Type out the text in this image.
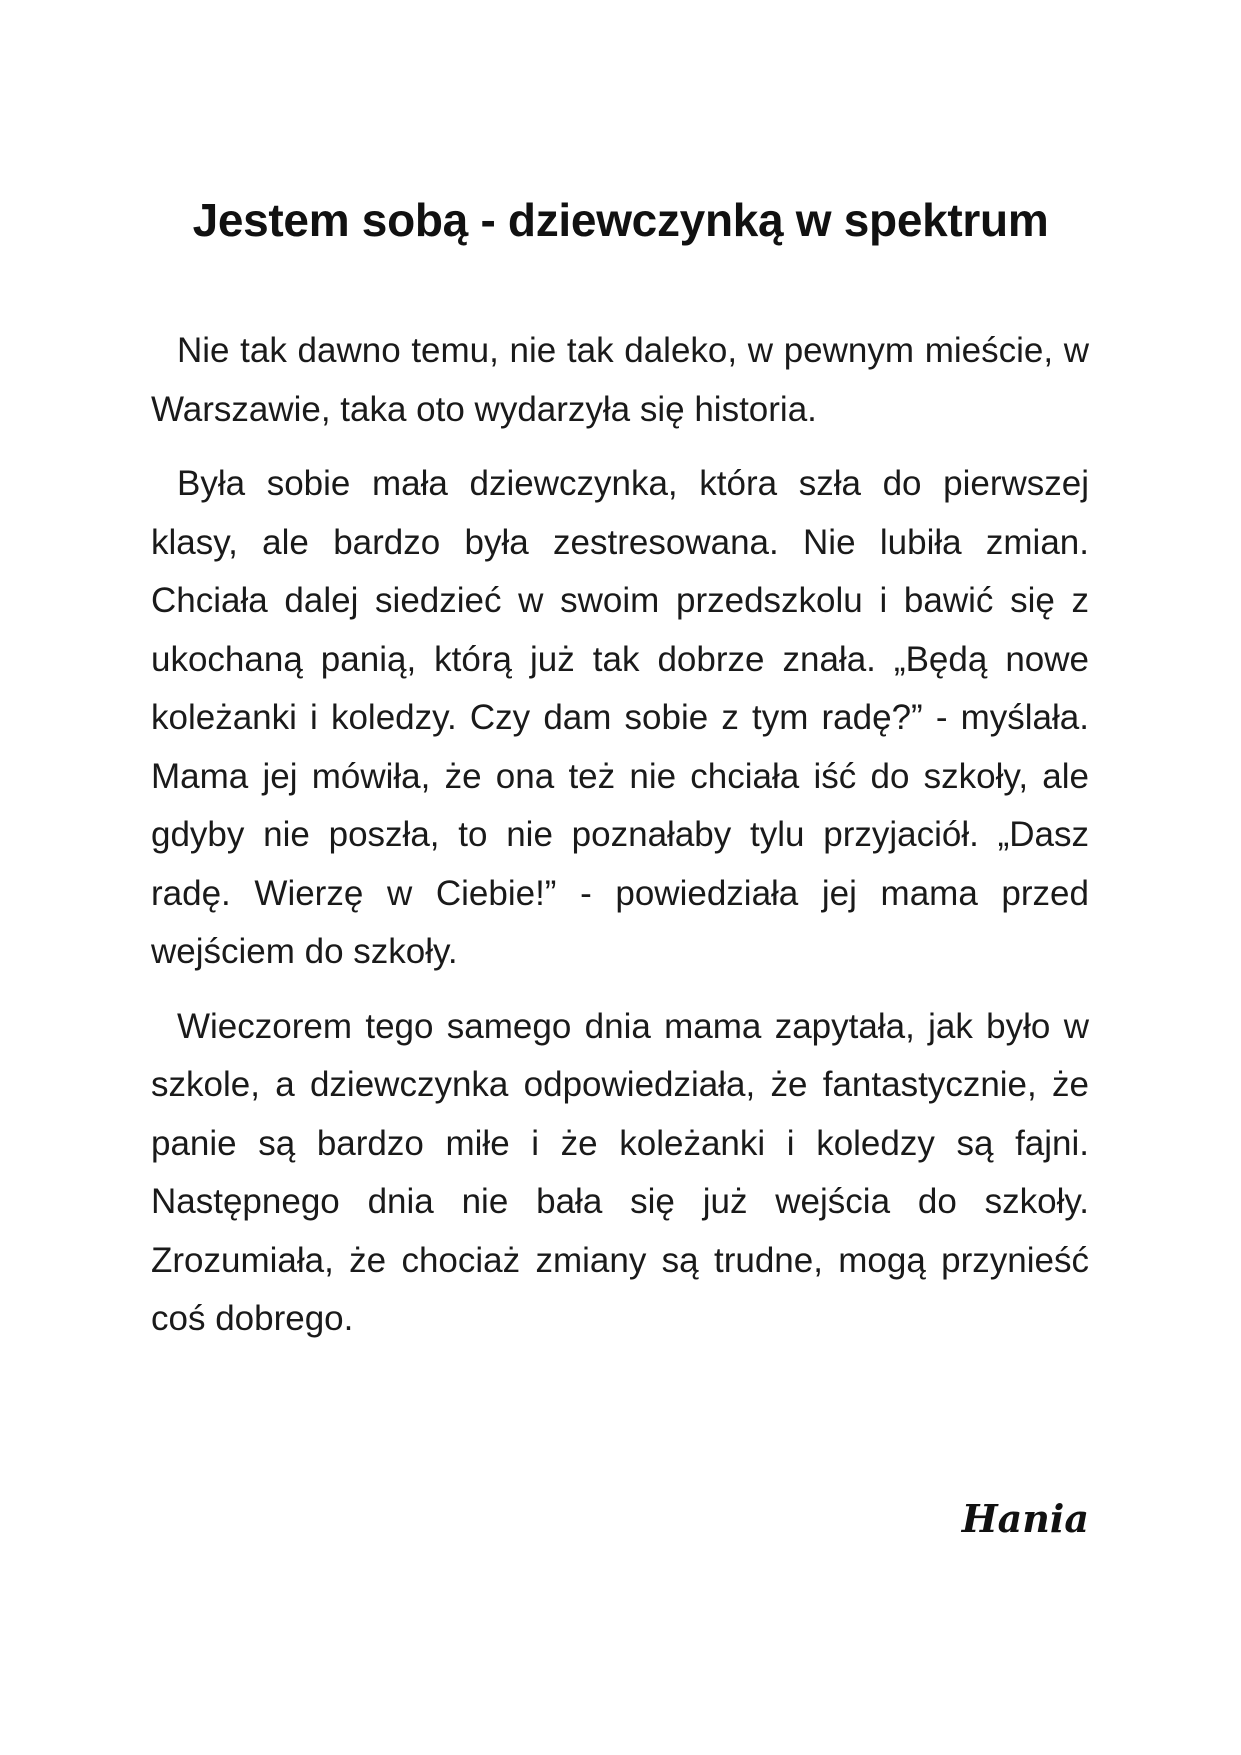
Jestem sobą - dziewczynką w spektrum

Nie tak dawno temu, nie tak daleko, w pewnym mieście, w Warszawie, taka oto wydarzyła się historia.

Była sobie mała dziewczynka, która szła do pierwszej klasy, ale bardzo była zestresowana. Nie lubiła zmian. Chciała dalej siedzieć w swoim przedszkolu i bawić się z ukochaną panią, którą już tak dobrze znała. „Będą nowe koleżanki i koledzy. Czy dam sobie z tym radę?” - myślała. Mama jej mówiła, że ona też nie chciała iść do szkoły, ale gdyby nie poszła, to nie poznałaby tylu przyjaciół. „Dasz radę. Wierzę w Ciebie!” - powiedziała jej mama przed wejściem do szkoły.

Wieczorem tego samego dnia mama zapytała, jak było w szkole, a dziewczynka odpowiedziała, że fantastycznie, że panie są bardzo miłe i że koleżanki i koledzy są fajni. Następnego dnia nie bała się już wejścia do szkoły. Zrozumiała, że chociaż zmiany są trudne, mogą przynieść coś dobrego.

Hania
